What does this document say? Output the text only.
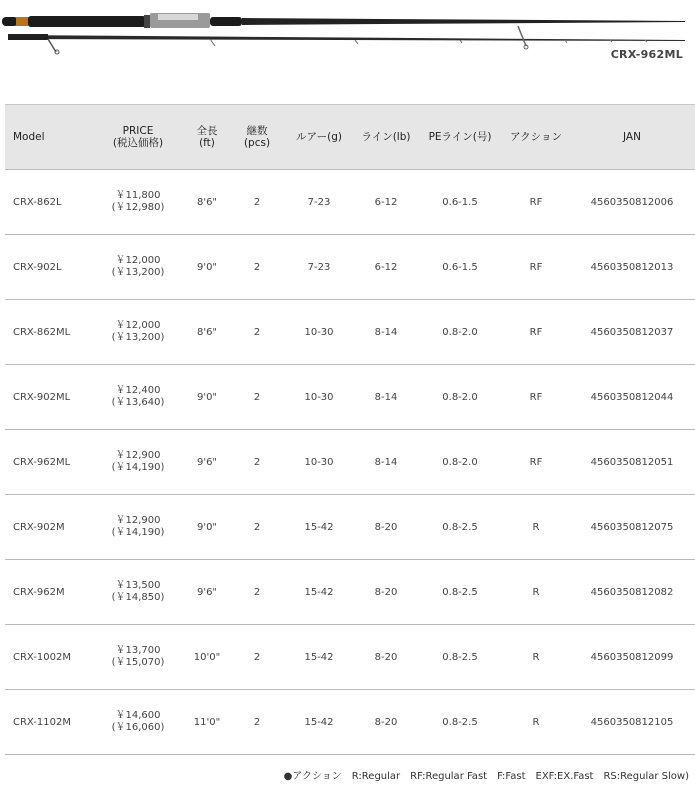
CRX-962ML
Model	PRICE
(税込価格)	全長
(ft)	継数
(pcs)	ルアー(g)	ライン(lb)	PEライン(号)	アクション	JAN
CRX-862L	￥11,800
(￥12,980)	8'6"	2	7-23	6-12	0.6-1.5	RF	4560350812006
CRX-902L	￥12,000
(￥13,200)	9'0"	2	7-23	6-12	0.6-1.5	RF	4560350812013
CRX-862ML	￥12,000
(￥13,200)	8'6"	2	10-30	8-14	0.8-2.0	RF	4560350812037
CRX-902ML	￥12,400
(￥13,640)	9'0"	2	10-30	8-14	0.8-2.0	RF	4560350812044
CRX-962ML	￥12,900
(￥14,190)	9'6"	2	10-30	8-14	0.8-2.0	RF	4560350812051
CRX-902M	￥12,900
(￥14,190)	9'0"	2	15-42	8-20	0.8-2.5	R	4560350812075
CRX-962M	￥13,500
(￥14,850)	9'6"	2	15-42	8-20	0.8-2.5	R	4560350812082
CRX-1002M	￥13,700
(￥15,070)	10'0"	2	15-42	8-20	0.8-2.5	R	4560350812099
CRX-1102M	￥14,600
(￥16,060)	11'0"	2	15-42	8-20	0.8-2.5	R	4560350812105
●アクション　R:Regular　RF:Regular Fast　F:Fast　EXF:EX.Fast　RS:Regular Slow)
